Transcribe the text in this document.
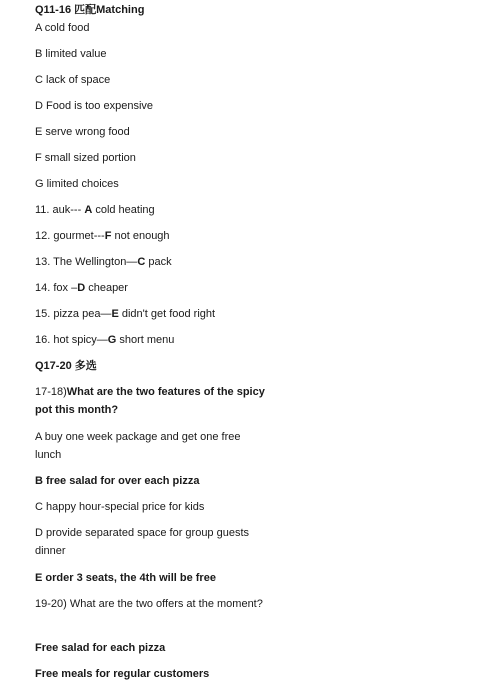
Q11-16 匹配Matching
A cold food
B limited value
C lack of space
D Food is too expensive
E serve wrong food
F small sized portion
G limited choices
11. auk--- A cold heating
12. gourmet---F not enough
13. The Wellington—C pack
14. fox –D cheaper
15. pizza pea—E didn't get food right
16. hot spicy—G short menu
Q17-20 多选
17-18)What are the two features of the spicy pot this month?
A buy one week package and get one free lunch
B free salad for over each pizza
C happy hour-special price for kids
D provide separated space for group guests dinner
E order 3 seats, the 4th will be free
19-20) What are the two offers at the moment?
Free salad for each pizza
Free meals for regular customers
